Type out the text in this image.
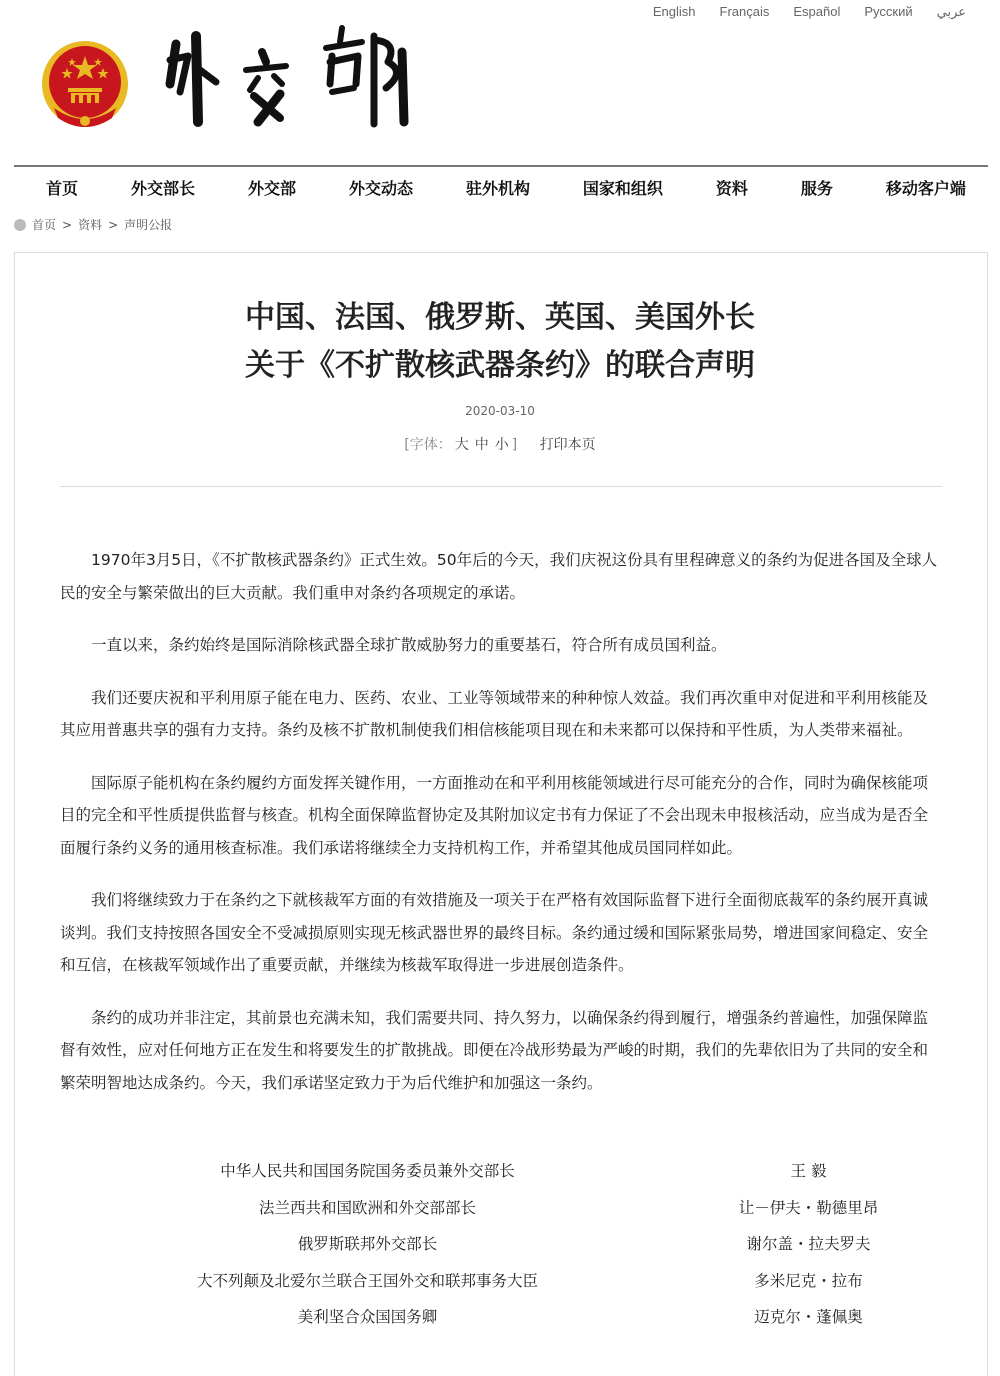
English	Français	Español	Русский	عربي
首页	外交部长	外交部	外交动态	驻外机构	国家和组织	资料	服务	移动客户端
首页 > 资料 > 声明公报
中国、法国、俄罗斯、英国、美国外长
关于《不扩散核武器条约》的联合声明
2020-03-10
[字体： 大 中 小 ] 打印本页

1970年3月5日，《不扩散核武器条约》正式生效。50年后的今天，我们庆祝这份具有里程碑意义的条约为促进各国及全球人民的安全与繁荣做出的巨大贡献。我们重申对条约各项规定的承诺。

一直以来，条约始终是国际消除核武器全球扩散威胁努力的重要基石，符合所有成员国利益。

我们还要庆祝和平利用原子能在电力、医药、农业、工业等领域带来的种种惊人效益。我们再次重申对促进和平利用核能及其应用普惠共享的强有力支持。条约及核不扩散机制使我们相信核能项目现在和未来都可以保持和平性质，为人类带来福祉。

国际原子能机构在条约履约方面发挥关键作用，一方面推动在和平利用核能领域进行尽可能充分的合作，同时为确保核能项目的完全和平性质提供监督与核查。机构全面保障监督协定及其附加议定书有力保证了不会出现未申报核活动，应当成为是否全面履行条约义务的通用核查标准。我们承诺将继续全力支持机构工作，并希望其他成员国同样如此。

我们将继续致力于在条约之下就核裁军方面的有效措施及一项关于在严格有效国际监督下进行全面彻底裁军的条约展开真诚谈判。我们支持按照各国安全不受减损原则实现无核武器世界的最终目标。条约通过缓和国际紧张局势，增进国家间稳定、安全和互信，在核裁军领域作出了重要贡献，并继续为核裁军取得进一步进展创造条件。

条约的成功并非注定，其前景也充满未知，我们需要共同、持久努力，以确保条约得到履行，增强条约普遍性，加强保障监督有效性，应对任何地方正在发生和将要发生的扩散挑战。即便在冷战形势最为严峻的时期，我们的先辈依旧为了共同的安全和繁荣明智地达成条约。今天，我们承诺坚定致力于为后代维护和加强这一条约。

中华人民共和国国务院国务委员兼外交部长	王 毅
法兰西共和国欧洲和外交部部长	让－伊夫・勒德里昂
俄罗斯联邦外交部长	谢尔盖・拉夫罗夫
大不列颠及北爱尔兰联合王国外交和联邦事务大臣	多米尼克・拉布
美利坚合众国国务卿	迈克尔・蓬佩奥
